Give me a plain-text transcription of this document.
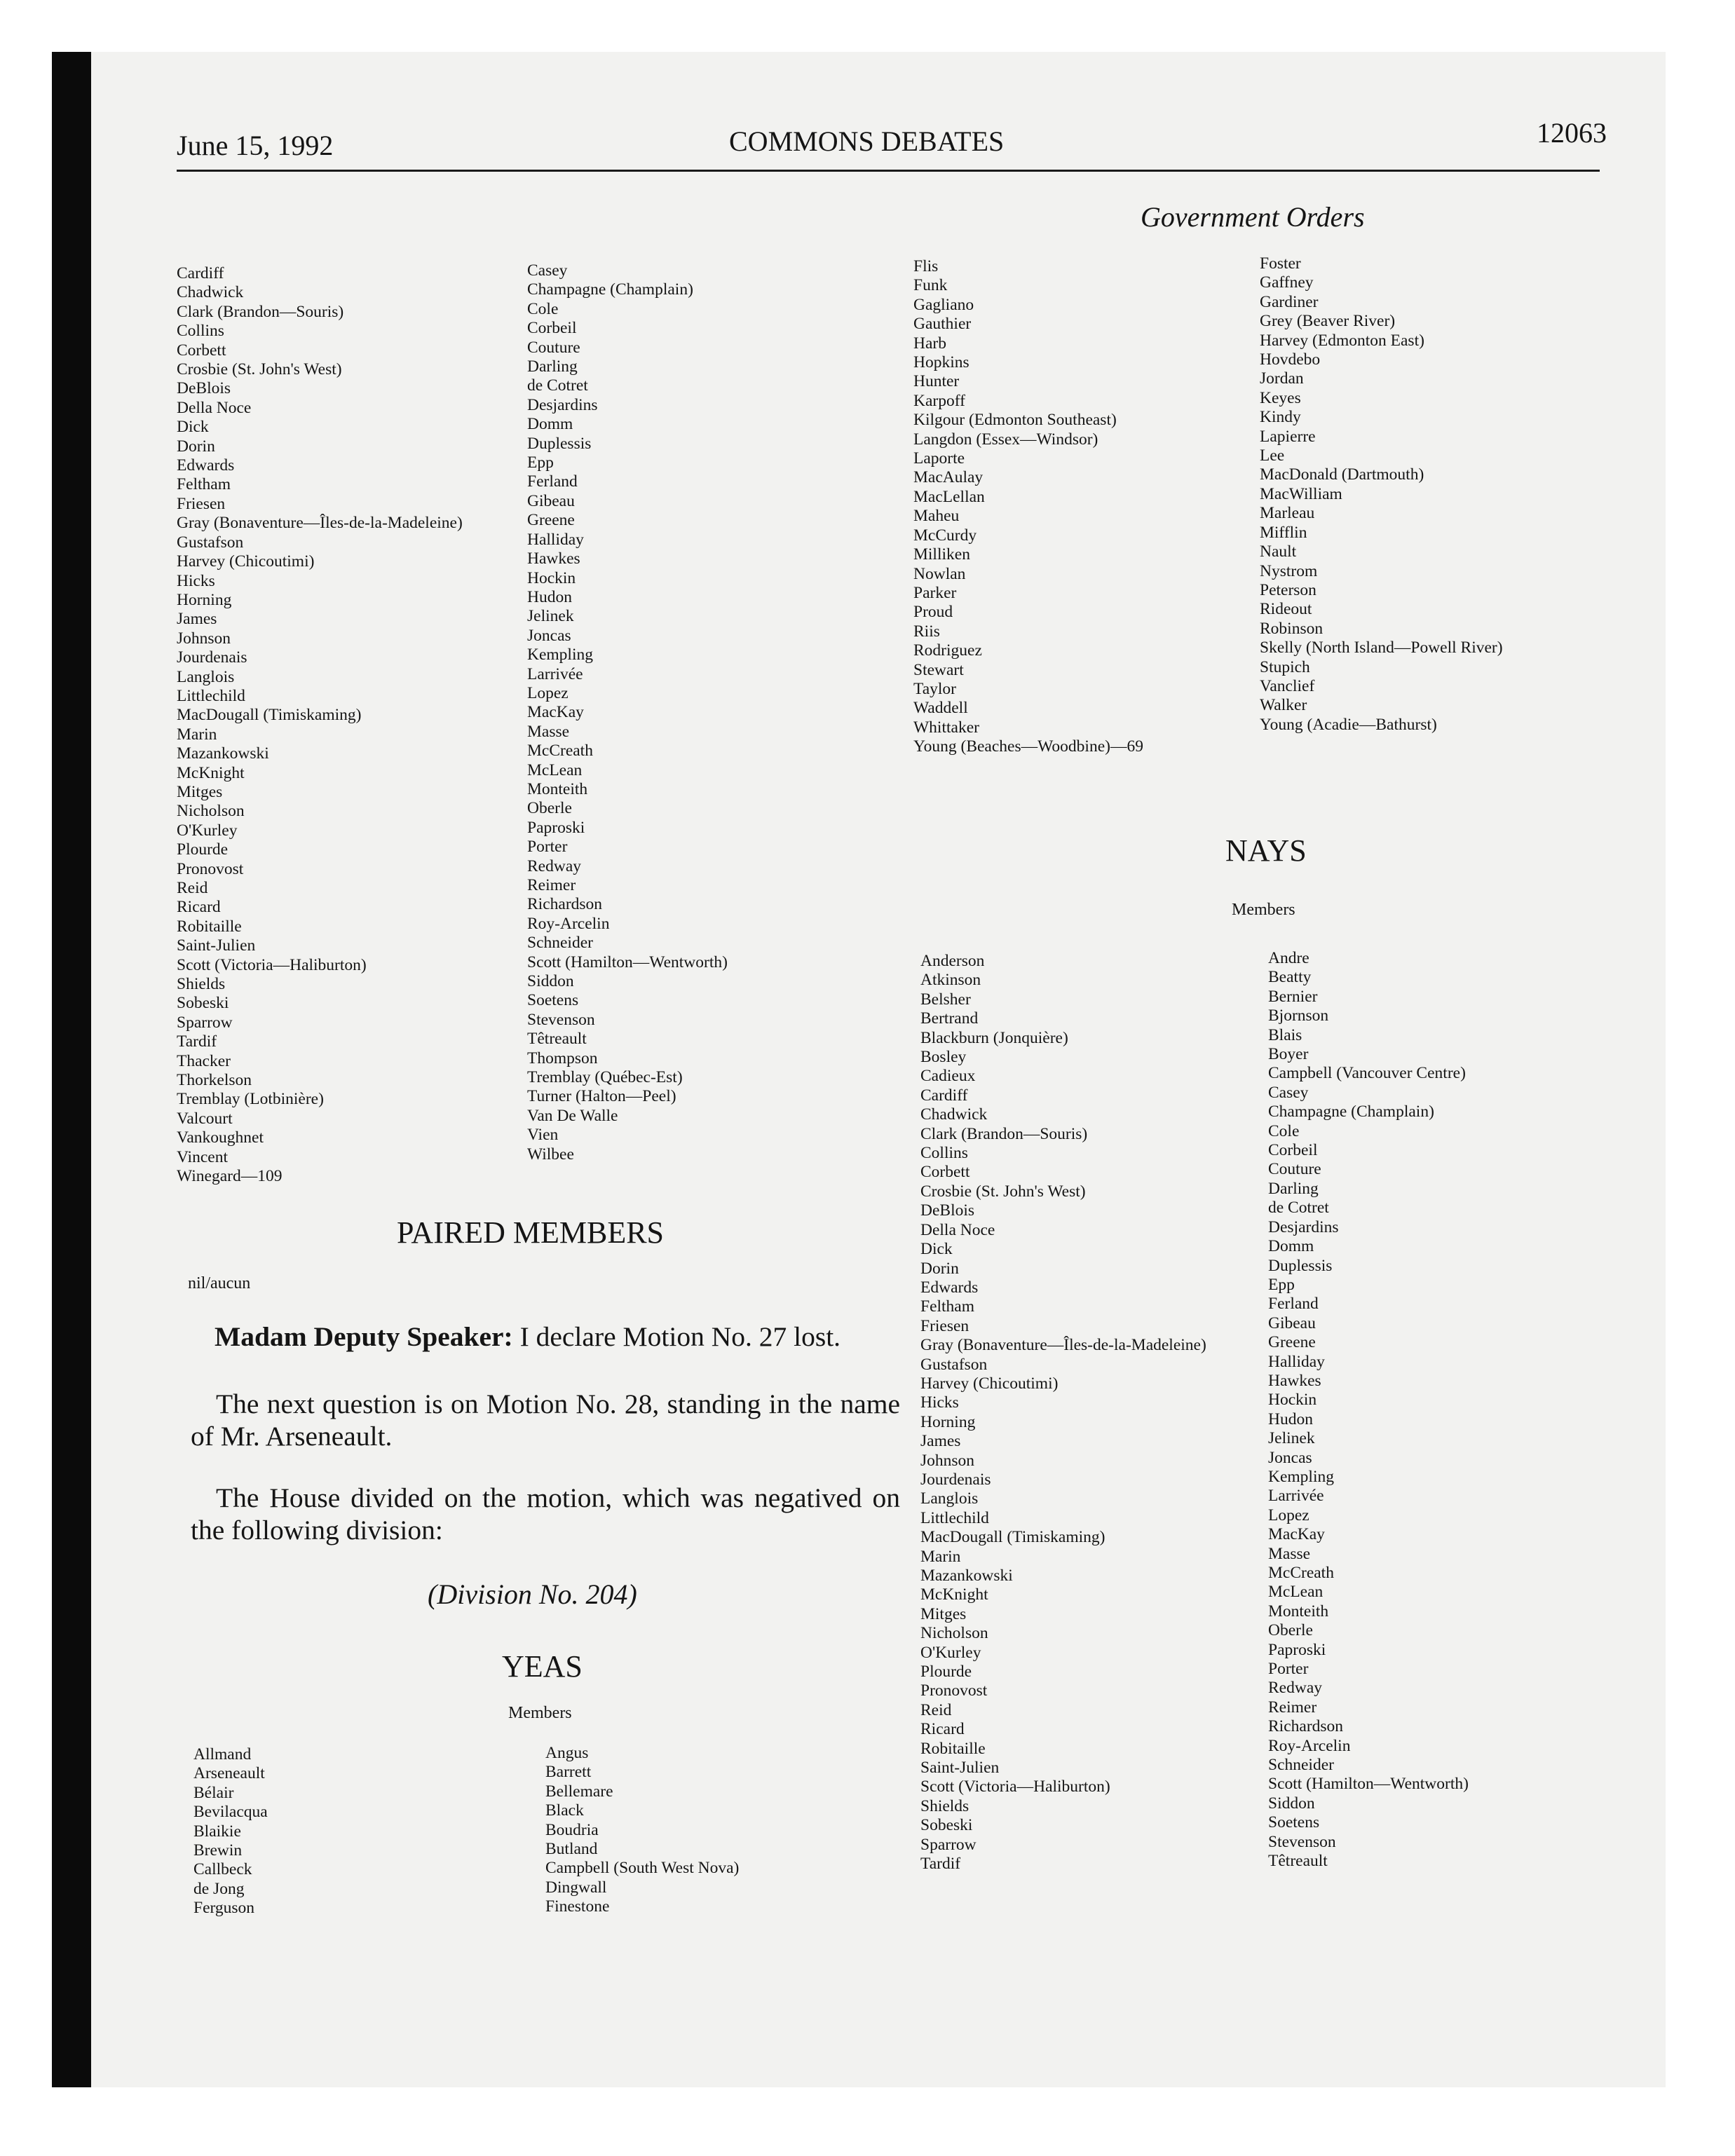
June 15, 1992	COMMONS DEBATES	12063
Government Orders
Cardiff
Chadwick
Clark (Brandon—Souris)
Collins
Corbett
Crosbie (St. John's West)
DeBlois
Della Noce
Dick
Dorin
Edwards
Feltham
Friesen
Gray (Bonaventure—Îles-de-la-Madeleine)
Gustafson
Harvey (Chicoutimi)
Hicks
Horning
James
Johnson
Jourdenais
Langlois
Littlechild
MacDougall (Timiskaming)
Marin
Mazankowski
McKnight
Mitges
Nicholson
O'Kurley
Plourde
Pronovost
Reid
Ricard
Robitaille
Saint-Julien
Scott (Victoria—Haliburton)
Shields
Sobeski
Sparrow
Tardif
Thacker
Thorkelson
Tremblay (Lotbinière)
Valcourt
Vankoughnet
Vincent
Winegard—109
Casey
Champagne (Champlain)
Cole
Corbeil
Couture
Darling
de Cotret
Desjardins
Domm
Duplessis
Epp
Ferland
Gibeau
Greene
Halliday
Hawkes
Hockin
Hudon
Jelinek
Joncas
Kempling
Larrivée
Lopez
MacKay
Masse
McCreath
McLean
Monteith
Oberle
Paproski
Porter
Redway
Reimer
Richardson
Roy-Arcelin
Schneider
Scott (Hamilton—Wentworth)
Siddon
Soetens
Stevenson
Têtreault
Thompson
Tremblay (Québec-Est)
Turner (Halton—Peel)
Van De Walle
Vien
Wilbee
PAIRED MEMBERS
nil/aucun
Madam Deputy Speaker: I declare Motion No. 27 lost.
The next question is on Motion No. 28, standing in the name of Mr. Arseneault.
The House divided on the motion, which was negatived on the following division:
(Division No. 204)
YEAS
Members
Allmand
Arseneault
Bélair
Bevilacqua
Blaikie
Brewin
Callbeck
de Jong
Ferguson
Angus
Barrett
Bellemare
Black
Boudria
Butland
Campbell (South West Nova)
Dingwall
Finestone
Flis
Funk
Gagliano
Gauthier
Harb
Hopkins
Hunter
Karpoff
Kilgour (Edmonton Southeast)
Langdon (Essex—Windsor)
Laporte
MacAulay
MacLellan
Maheu
McCurdy
Milliken
Nowlan
Parker
Proud
Riis
Rodriguez
Stewart
Taylor
Waddell
Whittaker
Young (Beaches—Woodbine)—69
Foster
Gaffney
Gardiner
Grey (Beaver River)
Harvey (Edmonton East)
Hovdebo
Jordan
Keyes
Kindy
Lapierre
Lee
MacDonald (Dartmouth)
MacWilliam
Marleau
Mifflin
Nault
Nystrom
Peterson
Rideout
Robinson
Skelly (North Island—Powell River)
Stupich
Vanclief
Walker
Young (Acadie—Bathurst)
NAYS
Members
Anderson
Atkinson
Belsher
Bertrand
Blackburn (Jonquière)
Bosley
Cadieux
Cardiff
Chadwick
Clark (Brandon—Souris)
Collins
Corbett
Crosbie (St. John's West)
DeBlois
Della Noce
Dick
Dorin
Edwards
Feltham
Friesen
Gray (Bonaventure—Îles-de-la-Madeleine)
Gustafson
Harvey (Chicoutimi)
Hicks
Horning
James
Johnson
Jourdenais
Langlois
Littlechild
MacDougall (Timiskaming)
Marin
Mazankowski
McKnight
Mitges
Nicholson
O'Kurley
Plourde
Pronovost
Reid
Ricard
Robitaille
Saint-Julien
Scott (Victoria—Haliburton)
Shields
Sobeski
Sparrow
Tardif
Andre
Beatty
Bernier
Bjornson
Blais
Boyer
Campbell (Vancouver Centre)
Casey
Champagne (Champlain)
Cole
Corbeil
Couture
Darling
de Cotret
Desjardins
Domm
Duplessis
Epp
Ferland
Gibeau
Greene
Halliday
Hawkes
Hockin
Hudon
Jelinek
Joncas
Kempling
Larrivée
Lopez
MacKay
Masse
McCreath
McLean
Monteith
Oberle
Paproski
Porter
Redway
Reimer
Richardson
Roy-Arcelin
Schneider
Scott (Hamilton—Wentworth)
Siddon
Soetens
Stevenson
Têtreault
